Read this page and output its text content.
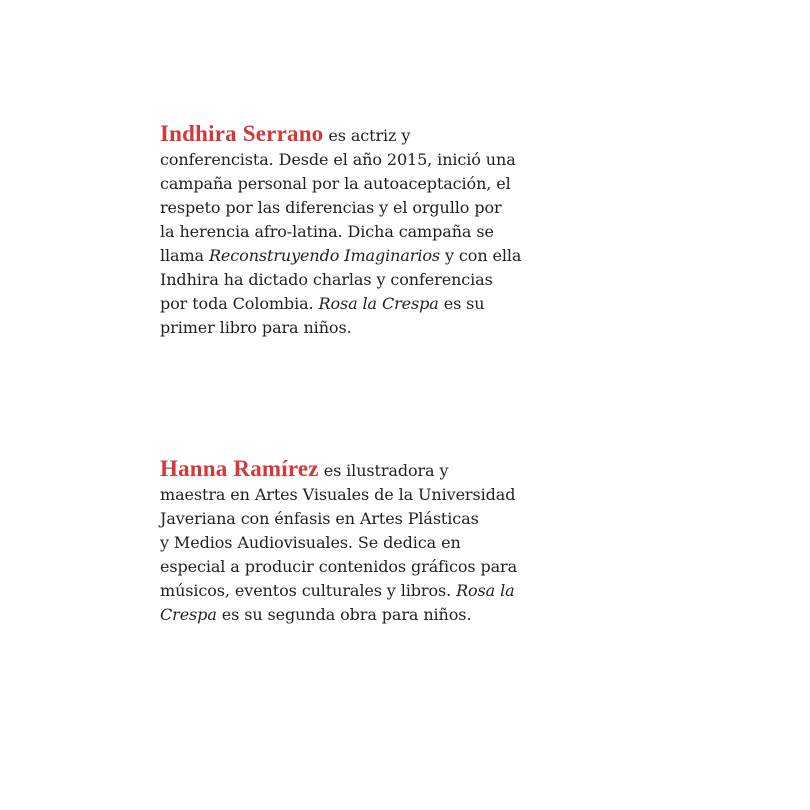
Indhira Serrano es actriz y
conferencista. Desde el año 2015, inició una
campaña personal por la autoaceptación, el
respeto por las diferencias y el orgullo por
la herencia afro-latina. Dicha campaña se
llama Reconstruyendo Imaginarios y con ella
Indhira ha dictado charlas y conferencias
por toda Colombia. Rosa la Crespa es su
primer libro para niños.

Hanna Ramírez es ilustradora y
maestra en Artes Visuales de la Universidad
Javeriana con énfasis en Artes Plásticas
y Medios Audiovisuales. Se dedica en
especial a producir contenidos gráficos para
músicos, eventos culturales y libros. Rosa la
Crespa es su segunda obra para niños.
